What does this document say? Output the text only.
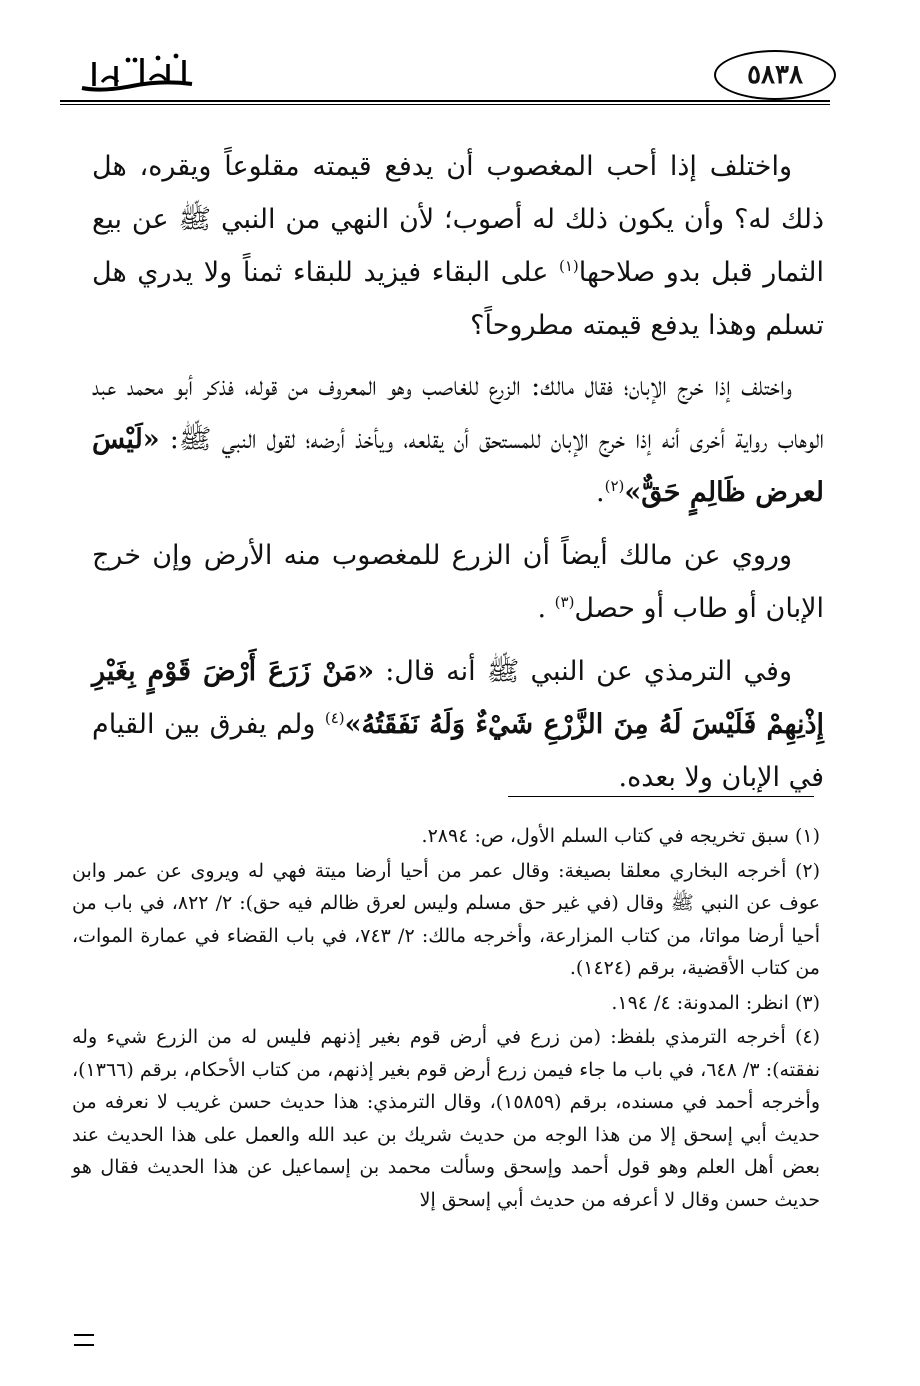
٥٨٣٨

واختلف إذا أحب المغصوب أن يدفع قيمته مقلوعاً ويقره، هل ذلك له؟ وأن يكون ذلك له أصوب؛ لأن النهي من النبي ﷺ عن بيع الثمار قبل بدو صلاحها$^{(١)}$ على البقاء فيزيد للبقاء ثمناً ولا يدري هل تسلم وهذا يدفع قيمته مطروحاً؟

واختلف إذا خرج الإبان؛ فقال مالك: الزرع للغاصب وهو المعروف من قوله، فذكر أبو محمد عبد الوهاب رواية أخرى أنه إذا خرج الإبان للمستحق أن يقلعه، ويأخذ أرضه؛ لقول النبي ﷺ: «لَيْسَ لعرض ظَالِمٍ حَقٌّ»$^{(٢)}$.

وروي عن مالك أيضاً أن الزرع للمغصوب منه الأرض وإن خرج الإبان أو طاب أو حصل$^{(٣)}$ .

وفي الترمذي عن النبي ﷺ أنه قال: «مَنْ زَرَعَ أَرْضَ قَوْمٍ بِغَيْرِ إِذْنِهِمْ فَلَيْسَ لَهُ مِنَ الزَّرْعِ شَيْءٌ وَلَهُ نَفَقَتُهُ»$^{(٤)}$ ولم يفرق بين القيام في الإبان ولا بعده.

(١) سبق تخريجه في كتاب السلم الأول، ص: ٢٨٩٤.

(٢) أخرجه البخاري معلقا بصيغة: وقال عمر من أحيا أرضا ميتة فهي له ويروى عن عمر وابن عوف عن النبي ﷺ وقال (في غير حق مسلم وليس لعرق ظالم فيه حق): ٢/ ٨٢٢، في باب من أحيا أرضا مواتا، من كتاب المزارعة، وأخرجه مالك: ٢/ ٧٤٣، في باب القضاء في عمارة الموات، من كتاب الأقضية، برقم (١٤٢٤).

(٣) انظر: المدونة: ٤/ ١٩٤.

(٤) أخرجه الترمذي بلفظ: (من زرع في أرض قوم بغير إذنهم فليس له من الزرع شيء وله نفقته): ٣/ ٦٤٨، في باب ما جاء فيمن زرع أرض قوم بغير إذنهم، من كتاب الأحكام، برقم (١٣٦٦)، وأخرجه أحمد في مسنده، برقم (١٥٨٥٩)، وقال الترمذي: هذا حديث حسن غريب لا نعرفه من حديث أبي إسحق إلا من هذا الوجه من حديث شريك بن عبد الله والعمل على هذا الحديث عند بعض أهل العلم وهو قول أحمد وإسحق وسألت محمد بن إسماعيل عن هذا الحديث فقال هو حديث حسن وقال لا أعرفه من حديث أبي إسحق إلا
